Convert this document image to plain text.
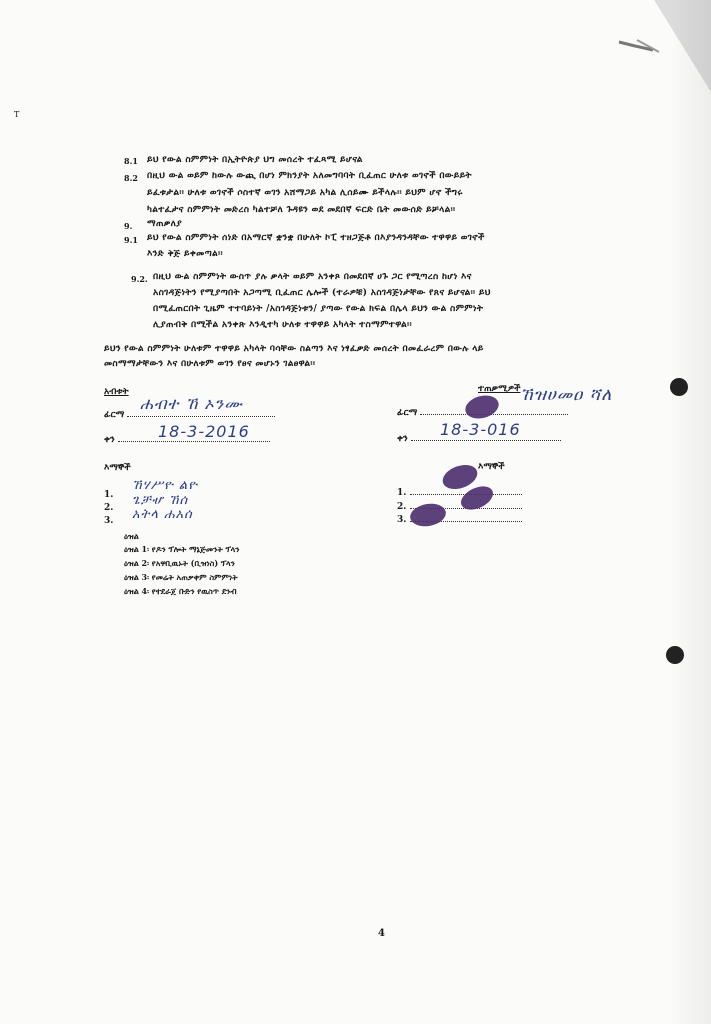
T
8.1 ይህ የውል ስምምነት በኢትዮጵያ ህግ መሰረት ተፈጻሚ ይሆናል
8.2 በዚህ ውል ወይም ከውሉ ውጪ በሆነ ምክንያት አለመግባባት ቢፈጠር ሁለቱ ወገኖች በውይይት
ይፈቱታል፡፡ ሁለቱ ወገኖች ሶስተኛ ወገን አሸማጋይ አካል ሊሰይሙ ይችላሉ፡፡ ይህም ሆኖ ችግሩ
ካልተፈታና ስምምነት መድረስ ካልተቻለ ጉዳዩን ወደ መደበኛ ፍርድ ቤት መውሰድ ይቻላል፡፡
9. ማጠቃለያ
9.1 ይህ የውል ስምምነት ሰነድ በአማርኛ ቋንቋ በሁለት ኮፒ ተዘጋጅቶ በእያንዳንዳቸው ተዋዋይ ወገኖች
እንድ ቅጅ ይቀመጣል፡፡
9.2. በዚህ ውል ስምምነት ውስጥ ያሉ ቃላት ወይም አንቀጾ በመደበኛ ሀጉ ጋር የሚጣረስ ከሆነ እና
አስገዳጅነትን የሚያጣበት አጋጣሚ ቢፈጠር ሌሎች (ተራዎቹ) አስገዳጅነታቸው የጸና ይሆናል፡፡ ይህ
በሚፈጠርበት ጊዜም ተተባይነት /አስገዳጅነቱን/ ያጣው የውል ክፍል በሌላ ይህን ውል ስምምነት
ሊያጠብቅ በሚችል አንቀጽ እንዲተካ ሁለቱ ተዋዋይ አካላት ተስማምተዋል፡፡
ይህን የውል ስምምነት ሁለቱም ተዋዋይ አካላት ባሳቸው ስልጣን እና ነፃፈቃድ መሰረት በመፈራረም በውሉ ላይ
መስማማታቸውን እና በሁለቱም ወገን የፀና መሆኑን ገልፀዋል፡፡
አብቱት
ፊርማ
ሐብተ ኸ ኦንሙ
ቀን	18-3-2016
ተጠቃሚዎች
ፊርማ
ኸዝሀመዐ ሻለ
ቀን	18-3-016
እማኞች
1.
2.
3.
ኸሃሥዮ ልዮ
ጌቻሇ ኸሰ
አትላ ሐአሰ
እማኞች
1.
2.
3.
ዕዝል
ዕዝል 1፡ የዶን ፕሎት ማኔጅመንት ፕላን
ዕዝል 2፡ የአዋቢዉኑት (ቢዝነስ) ፕላን
ዕዝል 3፡ የመሬት አጠቃቀም ስምምነት
ዕዝል 4፡ የተደራጀ ቡድን የዉስጥ ደንብ
4
